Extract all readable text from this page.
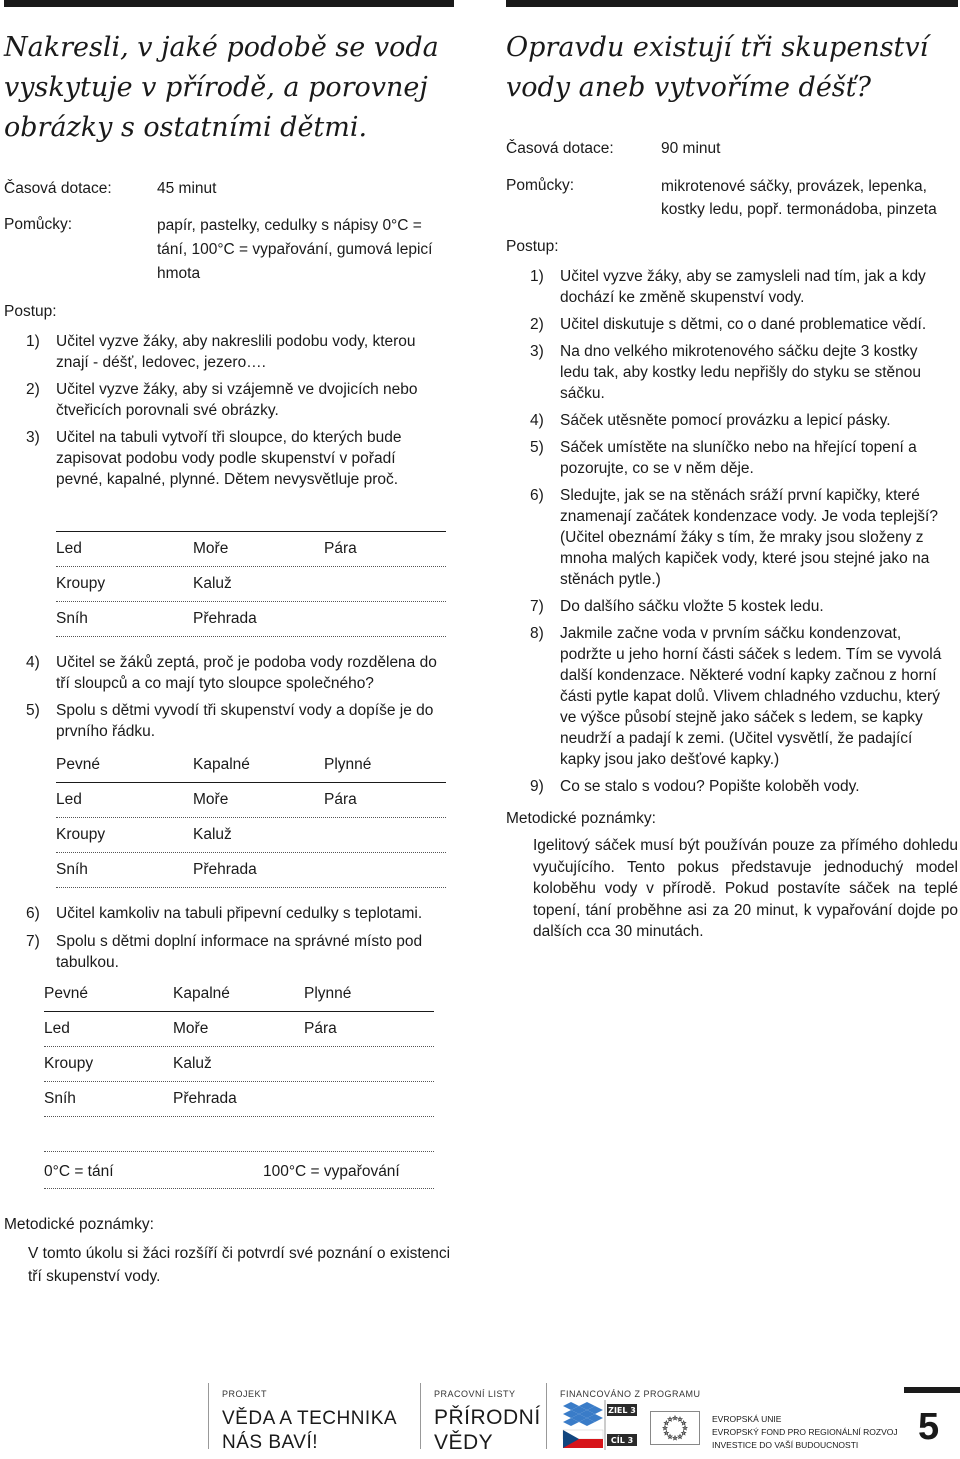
Nakresli, v jaké podobě se voda
vyskytuje v přírodě, a porovnej
obrázky s ostatními dětmi.
Časová dotace:	45 minut
Pomůcky:	papír, pastelky, cedulky s nápisy 0°C =
tání, 100°C = vypařování, gumová lepicí
hmota
Postup:
1) Učitel vyzve žáky, aby nakreslili podobu vody, kterou
znají - déšť, ledovec, jezero….
2) Učitel vyzve žáky, aby si vzájemně ve dvojicích nebo
čtveřicích porovnali své obrázky.
3) Učitel na tabuli vytvoří tři sloupce, do kterých bude
zapisovat podobu vody podle skupenství v pořadí
pevné, kapalné, plynné. Dětem nevysvětluje proč.
Led	Moře	Pára
Kroupy	Kaluž
Sníh	Přehrada
4) Učitel se žáků zeptá, proč je podoba vody rozdělena do
tří sloupců a co mají tyto sloupce společného?
5) Spolu s dětmi vyvodí tři skupenství vody a dopíše je do
prvního řádku.
Pevné	Kapalné	Plynné
Led	Moře	Pára
Kroupy	Kaluž
Sníh	Přehrada
6) Učitel kamkoliv na tabuli připevní cedulky s teplotami.
7) Spolu s dětmi doplní informace na správné místo pod
tabulkou.
Pevné	Kapalné	Plynné
Led	Moře	Pára
Kroupy	Kaluž
Sníh	Přehrada
0°C = tání	100°C = vypařování
Metodické poznámky:
V tomto úkolu si žáci rozšíří či potvrdí své poznání o existenci
tří skupenství vody.
Opravdu existují tři skupenství
vody aneb vytvoříme déšť?
Časová dotace:	90 minut
Pomůcky:	mikrotenové sáčky, provázek, lepenka,
kostky ledu, popř. termonádoba, pinzeta
Postup:
1) Učitel vyzve žáky, aby se zamysleli nad tím, jak a kdy
dochází ke změně skupenství vody.
2) Učitel diskutuje s dětmi, co o dané problematice vědí.
3) Na dno velkého mikrotenového sáčku dejte 3 kostky
ledu tak, aby kostky ledu nepřišly do styku se stěnou
sáčku.
4) Sáček utěsněte pomocí provázku a lepicí pásky.
5) Sáček umístěte na sluníčko nebo na hřející topení a
pozorujte, co se v něm děje.
6) Sledujte, jak se na stěnách sráží první kapičky, které
znamenají začátek kondenzace vody. Je voda teplejší?
(Učitel obeznámí žáky s tím, že mraky jsou složeny z
mnoha malých kapiček vody, které jsou stejné jako na
stěnách pytle.)
7) Do dalšího sáčku vložte 5 kostek ledu.
8) Jakmile začne voda v prvním sáčku kondenzovat,
podržte u jeho horní části sáček s ledem. Tím se vyvolá
další kondenzace. Některé vodní kapky začnou z horní
části pytle kapat dolů. Vlivem chladného vzduchu, který
ve výšce působí stejně jako sáček s ledem, se kapky
neudrží a padají k zemi. (Učitel vysvětlí, že padající
kapky jsou jako dešťové kapky.)
9) Co se stalo s vodou? Popište koloběh vody.
Metodické poznámky:
Igelitový sáček musí být používán pouze za přímého dohledu vyučujícího. Tento pokus představuje jednoduchý model koloběhu vody v přírodě. Pokud postavíte sáček na teplé topení, tání proběhne asi za 20 minut, k vypařování dojde po dalších cca 30 minutách.
PROJEKT
VĚDA A TECHNIKA
NÁS BAVÍ!
PRACOVNÍ LISTY
PŘÍRODNÍ
VĚDY
FINANCOVÁNO Z PROGRAMU
ZIEL 3
CÍL 3
EVROPSKÁ UNIE
EVROPSKÝ FOND PRO REGIONÁLNÍ ROZVOJ
INVESTICE DO VAŠÍ BUDOUCNOSTI	5
